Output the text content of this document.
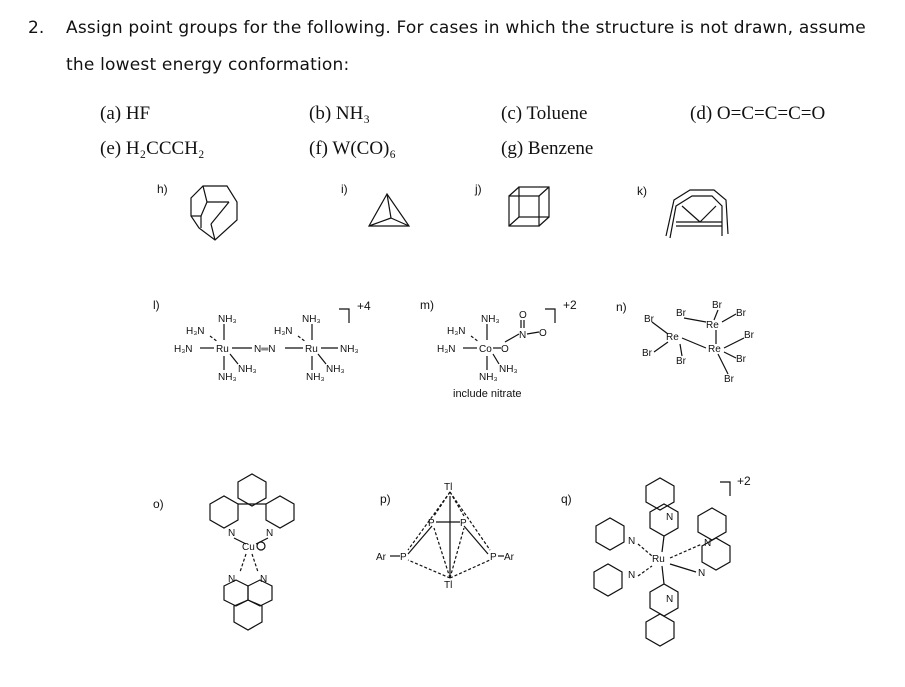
2. Assign point groups for the following. For cases in which the structure is not drawn, assume
the lowest energy conformation:
(a) HF	(b) NH₃	(c) Toluene	(d) O=C=C=C=O
(e) H₂CCCH₂	(f) W(CO)₆	(g) Benzene
h)	i)	j)	k)
l)	m)	n)
o)	p)	q)
NH₃
H₃N
H₃N Ru	N═N	Ru NH₃
NH₃
H₃N
NH₃
NH₃
NH₃
NH₃
+4
NH₃
H₃N
H₃N Co
N
O
O
O
NH₃
NH₃
+2
include nitrate
Br
Br
Br
Br
Re
Re	Br
Re
Br
Br	Br
Br
N	N
Cu
N N
Tl
Tl
P	P
Ar P	P Ar
N
N
N
N
Ru
N
N
+2
